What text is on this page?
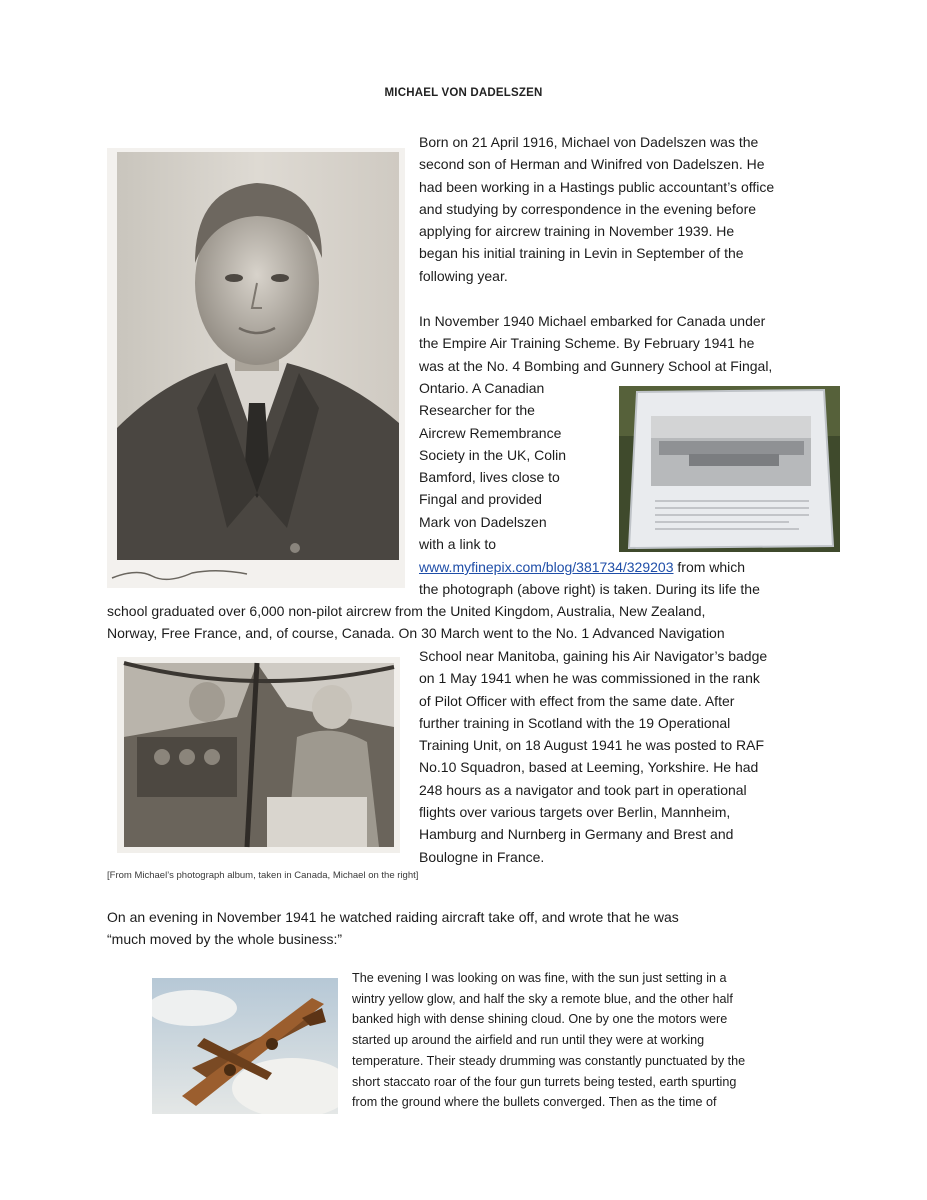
MICHAEL VON DADELSZEN
Born on 21 April 1916, Michael von Dadelszen was the
second son of Herman and Winifred von Dadelszen. He
had been working in a Hastings public accountant’s office
and studying by correspondence in the evening before
applying for aircrew training in November 1939. He
began his initial training in Levin in September of the
following year.
In November 1940 Michael embarked for Canada under
the Empire Air Training Scheme. By February 1941 he
was at the No. 4 Bombing and Gunnery School at Fingal,
Ontario. A Canadian
Researcher for the
Aircrew Remembrance
Society in the UK, Colin
Bamford, lives close to
Fingal and provided
Mark von Dadelszen
with a link to
www.myfinepix.com/blog/381734/329203 from which
the photograph (above right) is taken. During its life the
school graduated over 6,000 non-pilot aircrew from the United Kingdom, Australia, New Zealand,
Norway, Free France, and, of course, Canada. On 30 March went to the No. 1 Advanced Navigation
School near Manitoba, gaining his Air Navigator’s badge
on 1 May 1941 when he was commissioned in the rank
of Pilot Officer with effect from the same date. After
further training in Scotland with the 19 Operational
Training Unit, on 18 August 1941 he was posted to RAF
No.10 Squadron, based at Leeming, Yorkshire. He had
248 hours as a navigator and took part in operational
flights over various targets over Berlin, Mannheim,
Hamburg and Nurnberg in Germany and Brest and
Boulogne in France.

[From Michael’s photograph album, taken in Canada, Michael on the right]

On an evening in November 1941 he watched raiding aircraft take off, and wrote that he was
“much moved by the whole business:”
The evening I was looking on was fine, with the sun just setting in a
wintry yellow glow, and half the sky a remote blue, and the other half
banked high with dense shining cloud. One by one the motors were
started up around the airfield and run until they were at working
temperature. Their steady drumming was constantly punctuated by the
short staccato roar of the four gun turrets being tested, earth spurting
from the ground where the bullets converged. Then as the time of
